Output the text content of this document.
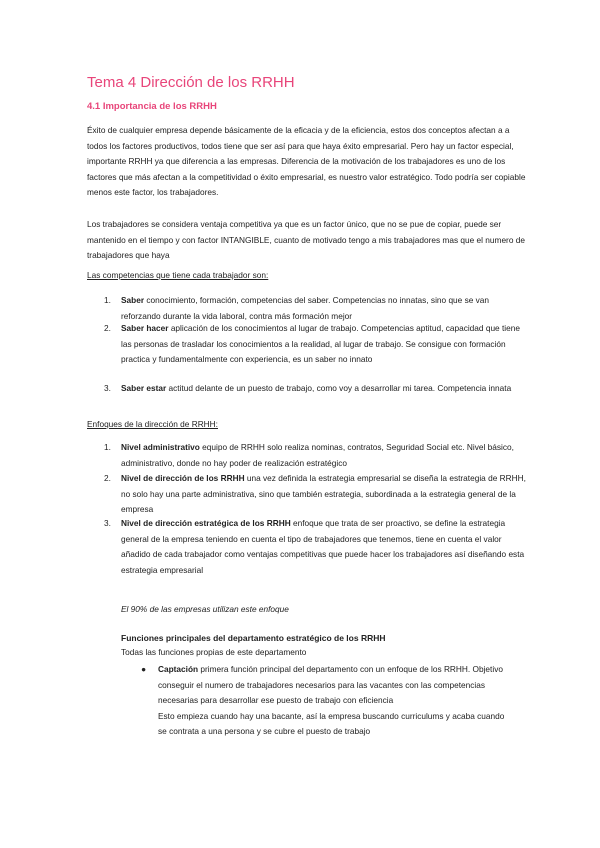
Tema 4 Dirección de los RRHH
4.1 Importancia de los RRHH
Éxito de cualquier empresa depende básicamente de la eficacia y de la eficiencia, estos dos conceptos afectan a a todos los factores productivos, todos tiene que ser así para que haya éxito empresarial. Pero hay un factor especial, importante RRHH ya que diferencia a las empresas. Diferencia de la motivación de los trabajadores es uno de los factores que más afectan a la competitividad o éxito empresarial, es nuestro valor estratégico. Todo podría ser copiable menos este factor, los trabajadores.
Los trabajadores se considera ventaja competitiva ya que es un factor único, que no se pue de copiar, puede ser mantenido en el tiempo y con factor INTANGIBLE, cuanto de motivado tengo a mis trabajadores mas que el numero de trabajadores que haya
Las competencias que tiene cada trabajador son:
1. Saber conocimiento, formación, competencias del saber. Competencias no innatas, sino que se van reforzando durante la vida laboral, contra más formación mejor
2. Saber hacer aplicación de los conocimientos al lugar de trabajo. Competencias aptitud, capacidad que tiene las personas de trasladar los conocimientos a la realidad, al lugar de trabajo. Se consigue con formación practica y fundamentalmente con experiencia, es un saber no innato
3. Saber estar actitud delante de un puesto de trabajo, como voy a desarrollar mi tarea. Competencia innata
Enfoques de la dirección de RRHH:
1. Nivel administrativo equipo de RRHH solo realiza nominas, contratos, Seguridad Social etc. Nivel básico, administrativo, donde no hay poder de realización estratégico
2. Nivel de dirección de los RRHH una vez definida la estrategia empresarial se diseña la estrategia de RRHH, no solo hay una parte administrativa, sino que también estrategia, subordinada a la estrategia general de la empresa
3. Nivel de dirección estratégica de los RRHH enfoque que trata de ser proactivo, se define la estrategia general de la empresa teniendo en cuenta el tipo de trabajadores que tenemos, tiene en cuenta el valor añadido de cada trabajador como ventajas competitivas que puede hacer los trabajadores así diseñando esta estrategia empresarial
El 90% de las empresas utilizan este enfoque
Funciones principales del departamento estratégico de los RRHH
Todas las funciones propias de este departamento
● Captación primera función principal del departamento con un enfoque de los RRHH. Objetivo conseguir el numero de trabajadores necesarios para las vacantes con las competencias necesarias para desarrollar ese puesto de trabajo con eficiencia
Esto empieza cuando hay una bacante, así la empresa buscando curriculums y acaba cuando se contrata a una persona y se cubre el puesto de trabajo
